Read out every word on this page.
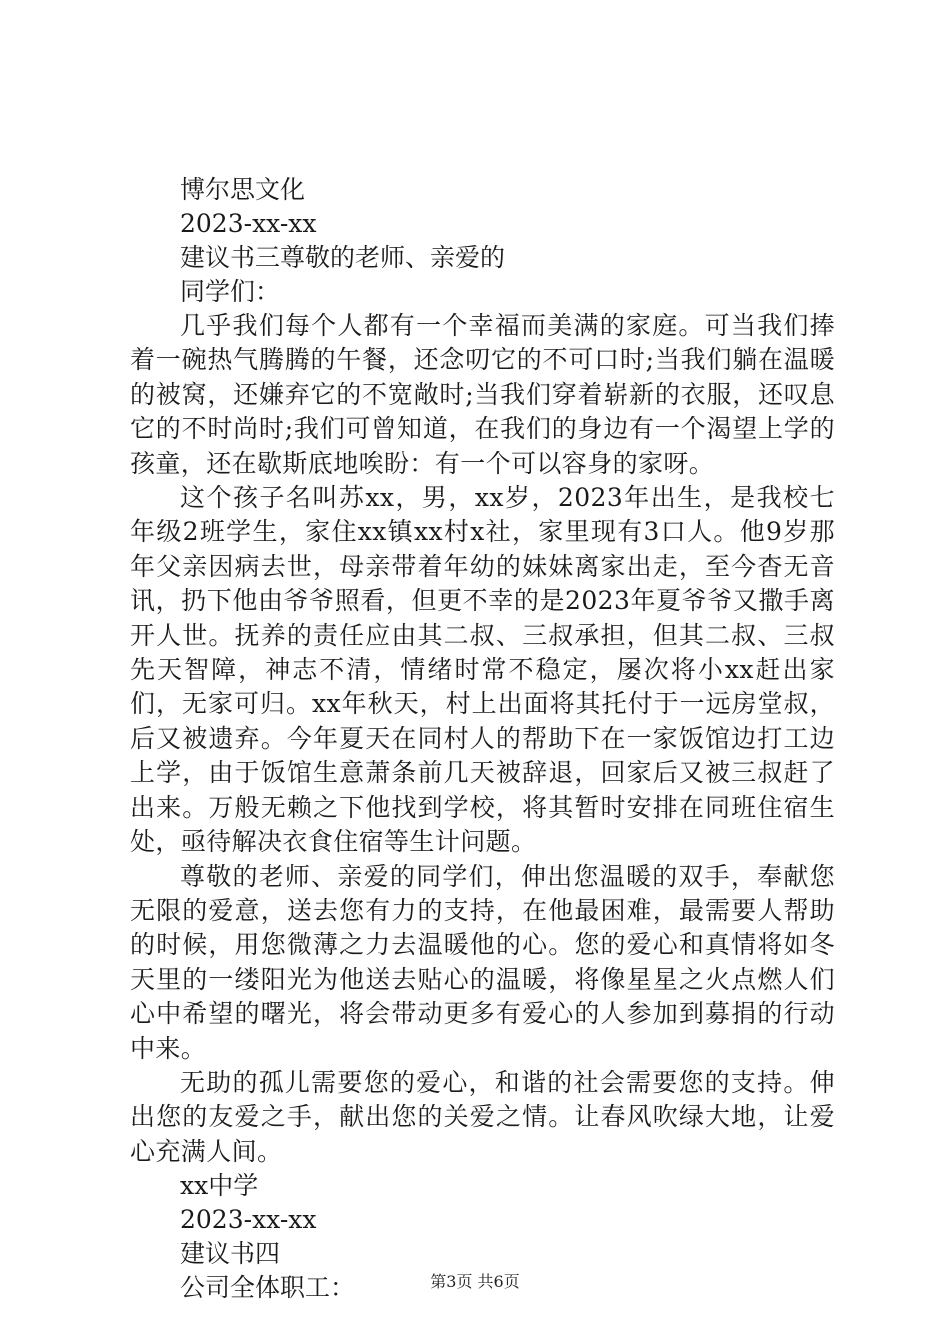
博尔思文化

2023-xx-xx

建议书三尊敬的老师、亲爱的

同学们：

几乎我们每个人都有一个幸福而美满的家庭。可当我们捧着一碗热气腾腾的午餐，还念叨它的不可口时;当我们躺在温暖的被窝，还嫌弃它的不宽敞时;当我们穿着崭新的衣服，还叹息它的不时尚时;我们可曾知道，在我们的身边有一个渴望上学的孩童，还在歇斯底地唉盼：有一个可以容身的家呀。

这个孩子名叫苏xx，男，xx岁，2023年出生，是我校七年级2班学生，家住xx镇xx村x社，家里现有3口人。他9岁那年父亲因病去世，母亲带着年幼的妹妹离家出走，至今杳无音讯，扔下他由爷爷照看，但更不幸的是2023年夏爷爷又撒手离开人世。抚养的责任应由其二叔、三叔承担，但其二叔、三叔先天智障，神志不清，情绪时常不稳定，屡次将小xx赶出家们，无家可归。xx年秋天，村上出面将其托付于一远房堂叔，后又被遗弃。今年夏天在同村人的帮助下在一家饭馆边打工边上学，由于饭馆生意萧条前几天被辞退，回家后又被三叔赶了出来。万般无赖之下他找到学校，将其暂时安排在同班住宿生处，亟待解决衣食住宿等生计问题。

尊敬的老师、亲爱的同学们，伸出您温暖的双手，奉献您无限的爱意，送去您有力的支持，在他最困难，最需要人帮助的时候，用您微薄之力去温暖他的心。您的爱心和真情将如冬天里的一缕阳光为他送去贴心的温暖，将像星星之火点燃人们心中希望的曙光，将会带动更多有爱心的人参加到募捐的行动中来。

无助的孤儿需要您的爱心，和谐的社会需要您的支持。伸出您的友爱之手，献出您的关爱之情。让春风吹绿大地，让爱心充满人间。

xx中学

2023-xx-xx

建议书四

公司全体职工：	第3页 共6页
